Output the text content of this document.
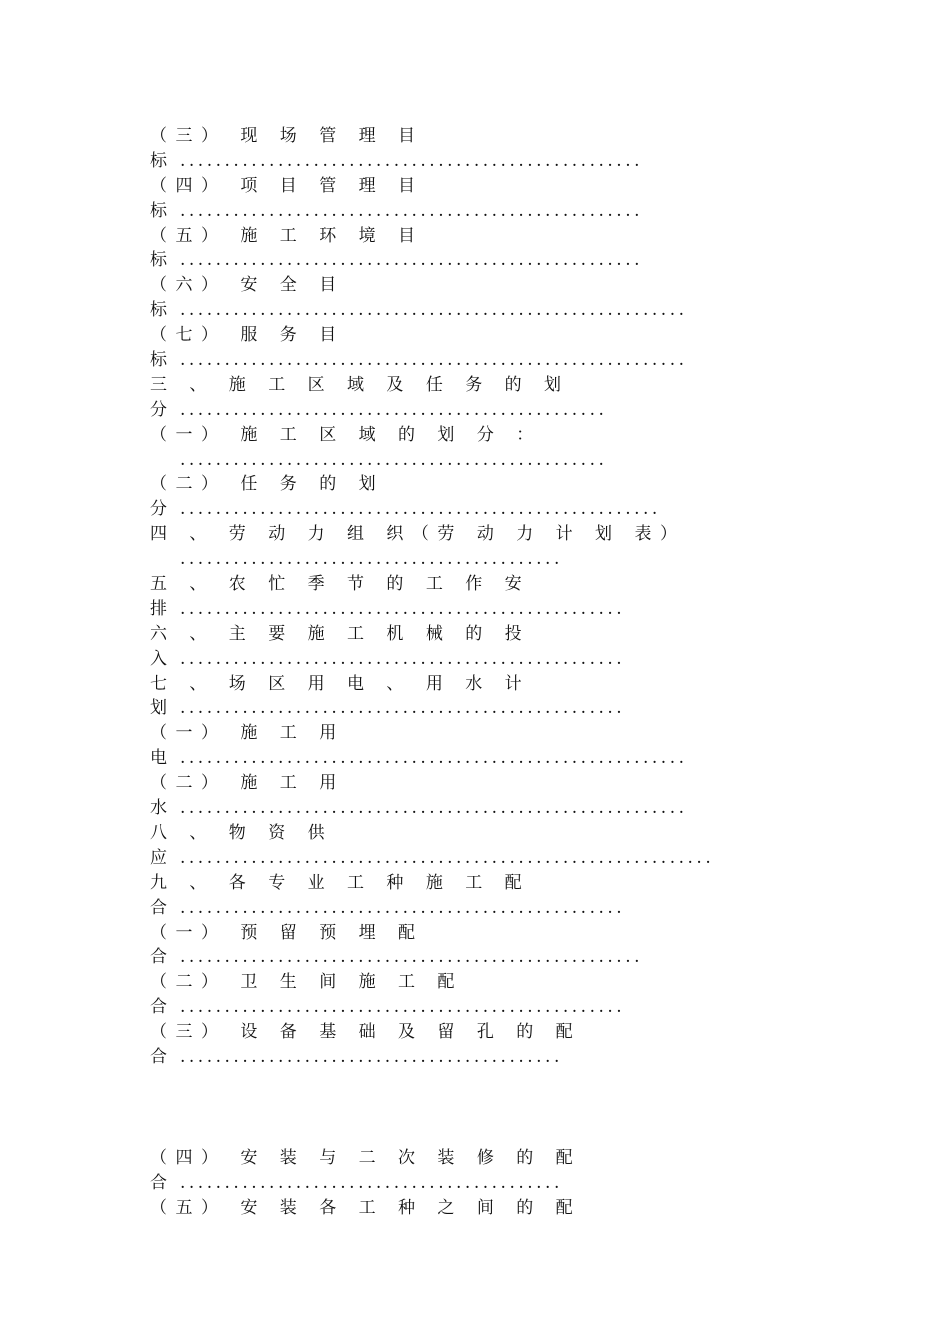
（三） 现 场 管 理 目
标 ....................................................
（四） 项 目 管 理 目
标 ....................................................
（五） 施 工 环 境 目
标 ....................................................
（六） 安 全 目
标 .........................................................
（七） 服 务 目
标 .........................................................
三 、 施 工 区 域 及 任 务 的 划
分 ................................................
（一） 施 工 区 域 的 划 分 ：
................................................
（二） 任 务 的 划
分 ......................................................
四 、 劳 动 力 组 织（劳 动 力 计 划 表）
...........................................
五 、 农 忙 季 节 的 工 作 安
排 ..................................................
六 、 主 要 施 工 机 械 的 投
入 ..................................................
七 、 场 区 用 电 、 用 水 计
划 ..................................................
（一） 施 工 用
电 .........................................................
（二） 施 工 用
水 .........................................................
八 、 物 资 供
应 ............................................................
九 、 各 专 业 工 种 施 工 配
合 ..................................................
（一） 预 留 预 埋 配
合 ....................................................
（二） 卫 生 间 施 工 配
合 ..................................................
（三） 设 备 基 础 及 留 孔 的 配
合 ...........................................
（四） 安 装 与 二 次 装 修 的 配
合 ...........................................
（五） 安 装 各 工 种 之 间 的 配
